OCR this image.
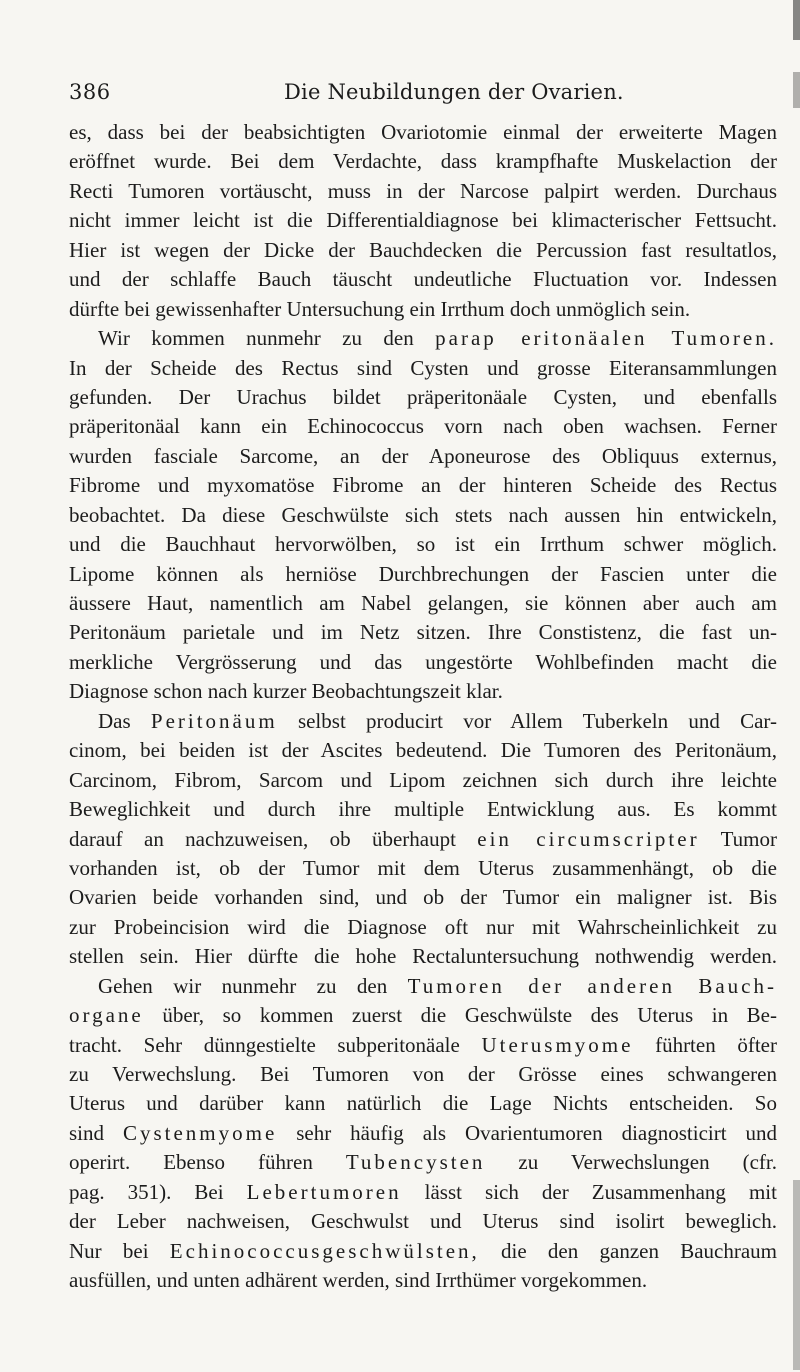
386	Die Neubildungen der Ovarien.
es, dass bei der beabsichtigten Ovariotomie einmal der erweiterte Magen
eröffnet wurde. Bei dem Verdachte, dass krampfhafte Muskelaction der
Recti Tumoren vortäuscht, muss in der Narcose palpirt werden. Durchaus
nicht immer leicht ist die Differentialdiagnose bei klimacterischer Fettsucht.
Hier ist wegen der Dicke der Bauchdecken die Percussion fast resultatlos,
und der schlaffe Bauch täuscht undeutliche Fluctuation vor. Indessen
dürfte bei gewissenhafter Untersuchung ein Irrthum doch unmöglich sein.
Wir kommen nunmehr zu den parap eritonäalen Tumoren.
In der Scheide des Rectus sind Cysten und grosse Eiteransammlungen
gefunden. Der Urachus bildet präperitonäale Cysten, und ebenfalls
präperitonäal kann ein Echinococcus vorn nach oben wachsen. Ferner
wurden fasciale Sarcome, an der Aponeurose des Obliquus externus,
Fibrome und myxomatöse Fibrome an der hinteren Scheide des Rectus
beobachtet. Da diese Geschwülste sich stets nach aussen hin entwickeln,
und die Bauchhaut hervorwölben, so ist ein Irrthum schwer möglich.
Lipome können als herniöse Durchbrechungen der Fascien unter die
äussere Haut, namentlich am Nabel gelangen, sie können aber auch am
Peritonäum parietale und im Netz sitzen. Ihre Constistenz, die fast un-
merkliche Vergrösserung und das ungestörte Wohlbefinden macht die
Diagnose schon nach kurzer Beobachtungszeit klar.
Das Peritonäum selbst producirt vor Allem Tuberkeln und Car-
cinom, bei beiden ist der Ascites bedeutend. Die Tumoren des Peritonäum,
Carcinom, Fibrom, Sarcom und Lipom zeichnen sich durch ihre leichte
Beweglichkeit und durch ihre multiple Entwicklung aus. Es kommt
darauf an nachzuweisen, ob überhaupt ein circumscripter Tumor
vorhanden ist, ob der Tumor mit dem Uterus zusammenhängt, ob die
Ovarien beide vorhanden sind, und ob der Tumor ein maligner ist. Bis
zur Probeincision wird die Diagnose oft nur mit Wahrscheinlichkeit zu
stellen sein. Hier dürfte die hohe Rectaluntersuchung nothwendig werden.
Gehen wir nunmehr zu den Tumoren der anderen Bauch-
organe über, so kommen zuerst die Geschwülste des Uterus in Be-
tracht. Sehr dünngestielte subperitonäale Uterusmyome führten öfter
zu Verwechslung. Bei Tumoren von der Grösse eines schwangeren
Uterus und darüber kann natürlich die Lage Nichts entscheiden. So
sind Cystenmyome sehr häufig als Ovarientumoren diagnosticirt und
operirt. Ebenso führen Tubencysten zu Verwechslungen (cfr.
pag. 351). Bei Lebertumoren lässt sich der Zusammenhang mit
der Leber nachweisen, Geschwulst und Uterus sind isolirt beweglich.
Nur bei Echinococcusgeschwülsten, die den ganzen Bauchraum
ausfüllen, und unten adhärent werden, sind Irrthümer vorgekommen.
